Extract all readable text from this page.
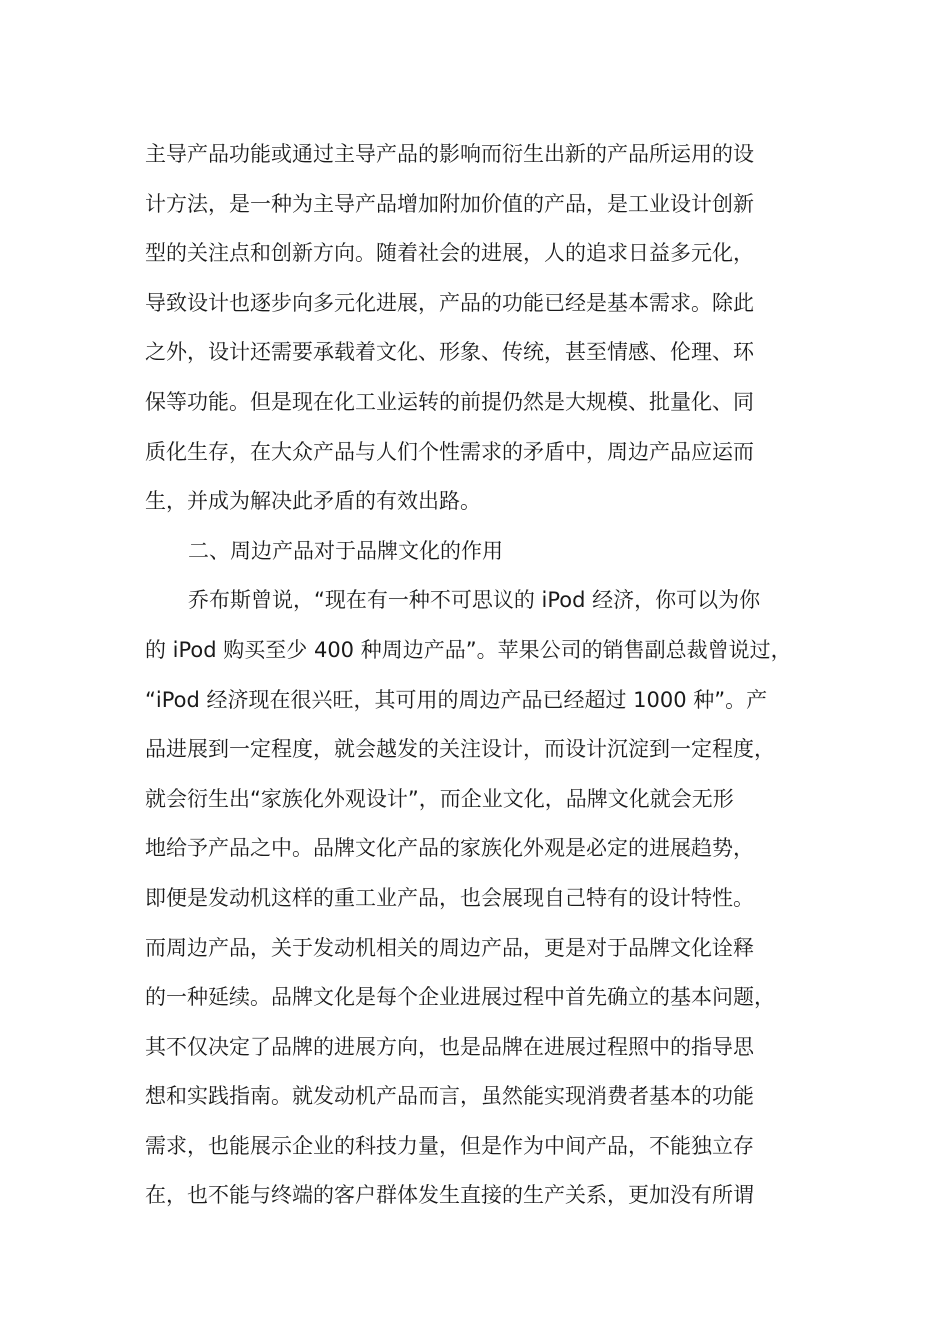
主导产品功能或通过主导产品的影响而衍生出新的产品所运用的设
计方法，是一种为主导产品增加附加价值的产品，是工业设计创新
型的关注点和创新方向。随着社会的进展，人的追求日益多元化，
导致设计也逐步向多元化进展，产品的功能已经是基本需求。除此
之外，设计还需要承载着文化、形象、传统，甚至情感、伦理、环
保等功能。但是现在化工业运转的前提仍然是大规模、批量化、同
质化生存，在大众产品与人们个性需求的矛盾中，周边产品应运而
生，并成为解决此矛盾的有效出路。
二、周边产品对于品牌文化的作用
乔布斯曾说，“现在有一种不可思议的 iPod 经济，你可以为你
的 iPod 购买至少 400 种周边产品”。苹果公司的销售副总裁曾说过，
“iPod 经济现在很兴旺，其可用的周边产品已经超过 1000 种”。产
品进展到一定程度，就会越发的关注设计，而设计沉淀到一定程度，
就会衍生出“家族化外观设计”，而企业文化，品牌文化就会无形
地给予产品之中。品牌文化产品的家族化外观是必定的进展趋势，
即便是发动机这样的重工业产品，也会展现自己特有的设计特性。
而周边产品，关于发动机相关的周边产品，更是对于品牌文化诠释
的一种延续。品牌文化是每个企业进展过程中首先确立的基本问题，
其不仅决定了品牌的进展方向，也是品牌在进展过程照中的指导思
想和实践指南。就发动机产品而言，虽然能实现消费者基本的功能
需求，也能展示企业的科技力量，但是作为中间产品，不能独立存
在，也不能与终端的客户群体发生直接的生产关系，更加没有所谓
